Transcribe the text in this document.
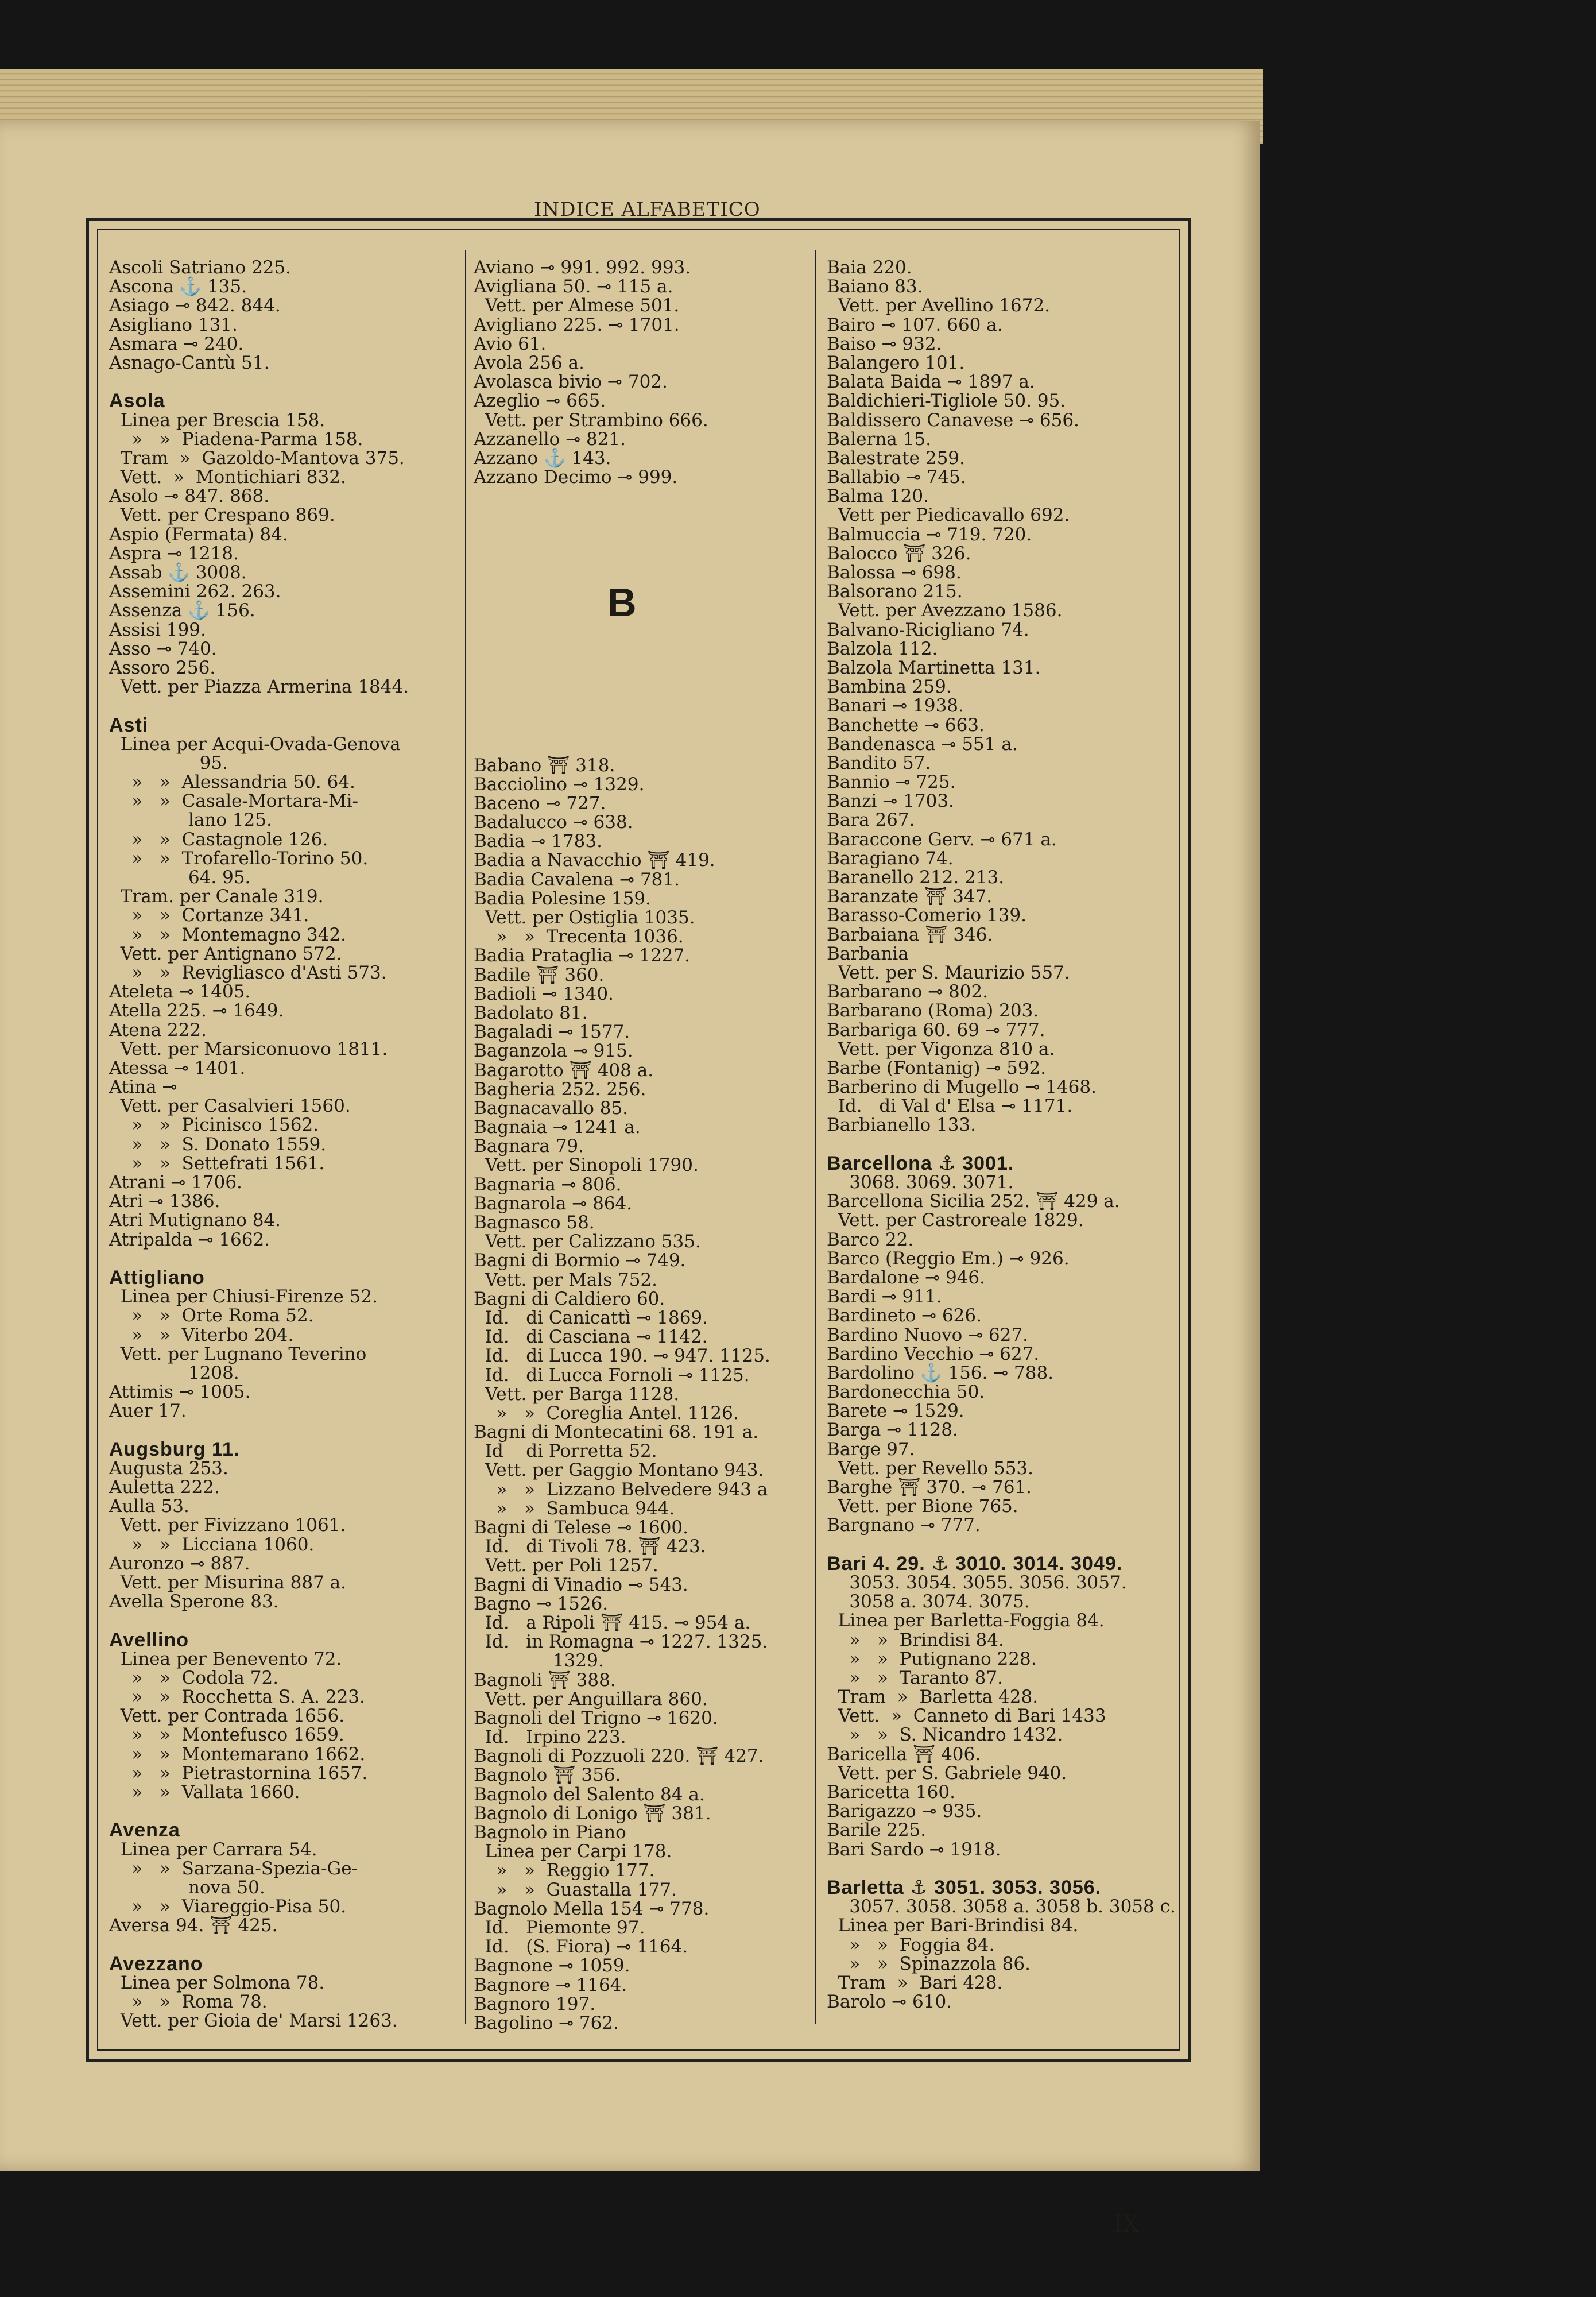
INDICE ALFABETICO
Ascoli Satriano 225.
Ascona ⚓ 135.
Asiago ⊸ 842. 844.
Asigliano 131.
Asmara ⊸ 240.
Asnago-Cantù 51.
Asola
Linea per Brescia 158.
»   »  Piadena-Parma 158.
Tram  »  Gazoldo-Mantova 375.
Vett.  »  Montichiari 832.
Asolo ⊸ 847. 868.
Vett. per Crespano 869.
Aspio (Fermata) 84.
Aspra ⊸ 1218.
Assab ⚓ 3008.
Assemini 262. 263.
Assenza ⚓ 156.
Assisi 199.
Asso ⊸ 740.
Assoro 256.
Vett. per Piazza Armerina 1844.
Asti
Linea per Acqui-Ovada-Genova
95.
»   »  Alessandria 50. 64.
»   »  Casale-Mortara-Mi-
lano 125.
»   »  Castagnole 126.
»   »  Trofarello-Torino 50.
64. 95.
Tram. per Canale 319.
»   »  Cortanze 341.
»   »  Montemagno 342.
Vett. per Antignano 572.
»   »  Revigliasco d'Asti 573.
Ateleta ⊸ 1405.
Atella 225. ⊸ 1649.
Atena 222.
Vett. per Marsiconuovo 1811.
Atessa ⊸ 1401.
Atina ⊸
Vett. per Casalvieri 1560.
»   »  Picinisco 1562.
»   »  S. Donato 1559.
»   »  Settefrati 1561.
Atrani ⊸ 1706.
Atri ⊸ 1386.
Atri Mutignano 84.
Atripalda ⊸ 1662.
Attigliano
Linea per Chiusi-Firenze 52.
»   »  Orte Roma 52.
»   »  Viterbo 204.
Vett. per Lugnano Teverino
1208.
Attimis ⊸ 1005.
Auer 17.
Augsburg 11.
Augusta 253.
Auletta 222.
Aulla 53.
Vett. per Fivizzano 1061.
»   »  Licciana 1060.
Auronzo ⊸ 887.
Vett. per Misurina 887 a.
Avella Sperone 83.
Avellino
Linea per Benevento 72.
»   »  Codola 72.
»   »  Rocchetta S. A. 223.
Vett. per Contrada 1656.
»   »  Montefusco 1659.
»   »  Montemarano 1662.
»   »  Pietrastornina 1657.
»   »  Vallata 1660.
Avenza
Linea per Carrara 54.
»   »  Sarzana-Spezia-Ge-
nova 50.
»   »  Viareggio-Pisa 50.
Aversa 94. ⛩ 425.
Avezzano
Linea per Solmona 78.
»   »  Roma 78.
Vett. per Gioia de' Marsi 1263.
Aviano ⊸ 991. 992. 993.
Avigliana 50. ⊸ 115 a.
Vett. per Almese 501.
Avigliano 225. ⊸ 1701.
Avio 61.
Avola 256 a.
Avolasca bivio ⊸ 702.
Azeglio ⊸ 665.
Vett. per Strambino 666.
Azzanello ⊸ 821.
Azzano ⚓ 143.
Azzano Decimo ⊸ 999.
B
Babano ⛩ 318.
Bacciolino ⊸ 1329.
Baceno ⊸ 727.
Badalucco ⊸ 638.
Badia ⊸ 1783.
Badia a Navacchio ⛩ 419.
Badia Cavalena ⊸ 781.
Badia Polesine 159.
Vett. per Ostiglia 1035.
»   »  Trecenta 1036.
Badia Prataglia ⊸ 1227.
Badile ⛩ 360.
Badioli ⊸ 1340.
Badolato 81.
Bagaladi ⊸ 1577.
Baganzola ⊸ 915.
Bagarotto ⛩ 408 a.
Bagheria 252. 256.
Bagnacavallo 85.
Bagnaia ⊸ 1241 a.
Bagnara 79.
Vett. per Sinopoli 1790.
Bagnaria ⊸ 806.
Bagnarola ⊸ 864.
Bagnasco 58.
Vett. per Calizzano 535.
Bagni di Bormio ⊸ 749.
Vett. per Mals 752.
Bagni di Caldiero 60.
Id.   di Canicattì ⊸ 1869.
Id.   di Casciana ⊸ 1142.
Id.   di Lucca 190. ⊸ 947. 1125.
Id.   di Lucca Fornoli ⊸ 1125.
Vett. per Barga 1128.
»   »  Coreglia Antel. 1126.
Bagni di Montecatini 68. 191 a.
Id    di Porretta 52.
Vett. per Gaggio Montano 943.
»   »  Lizzano Belvedere 943 a
»   »  Sambuca 944.
Bagni di Telese ⊸ 1600.
Id.   di Tivoli 78. ⛩ 423.
Vett. per Poli 1257.
Bagni di Vinadio ⊸ 543.
Bagno ⊸ 1526.
Id.   a Ripoli ⛩ 415. ⊸ 954 a.
Id.   in Romagna ⊸ 1227. 1325.
1329.
Bagnoli ⛩ 388.
Vett. per Anguillara 860.
Bagnoli del Trigno ⊸ 1620.
Id.   Irpino 223.
Bagnoli di Pozzuoli 220. ⛩ 427.
Bagnolo ⛩ 356.
Bagnolo del Salento 84 a.
Bagnolo di Lonigo ⛩ 381.
Bagnolo in Piano
Linea per Carpi 178.
»   »  Reggio 177.
»   »  Guastalla 177.
Bagnolo Mella 154 ⊸ 778.
Id.   Piemonte 97.
Id.   (S. Fiora) ⊸ 1164.
Bagnone ⊸ 1059.
Bagnore ⊸ 1164.
Bagnoro 197.
Bagolino ⊸ 762.
Baia 220.
Baiano 83.
Vett. per Avellino 1672.
Bairo ⊸ 107. 660 a.
Baiso ⊸ 932.
Balangero 101.
Balata Baida ⊸ 1897 a.
Baldichieri-Tigliole 50. 95.
Baldissero Canavese ⊸ 656.
Balerna 15.
Balestrate 259.
Ballabio ⊸ 745.
Balma 120.
Vett per Piedicavallo 692.
Balmuccia ⊸ 719. 720.
Balocco ⛩ 326.
Balossa ⊸ 698.
Balsorano 215.
Vett. per Avezzano 1586.
Balvano-Ricigliano 74.
Balzola 112.
Balzola Martinetta 131.
Bambina 259.
Banari ⊸ 1938.
Banchette ⊸ 663.
Bandenasca ⊸ 551 a.
Bandito 57.
Bannio ⊸ 725.
Banzi ⊸ 1703.
Bara 267.
Baraccone Gerv. ⊸ 671 a.
Baragiano 74.
Baranello 212. 213.
Baranzate ⛩ 347.
Barasso-Comerio 139.
Barbaiana ⛩ 346.
Barbania
Vett. per S. Maurizio 557.
Barbarano ⊸ 802.
Barbarano (Roma) 203.
Barbariga 60. 69 ⊸ 777.
Vett. per Vigonza 810 a.
Barbe (Fontanig) ⊸ 592.
Barberino di Mugello ⊸ 1468.
Id.   di Val d' Elsa ⊸ 1171.
Barbianello 133.
Barcellona ⚓ 3001.
3068. 3069. 3071.
Barcellona Sicilia 252. ⛩ 429 a.
Vett. per Castroreale 1829.
Barco 22.
Barco (Reggio Em.) ⊸ 926.
Bardalone ⊸ 946.
Bardi ⊸ 911.
Bardineto ⊸ 626.
Bardino Nuovo ⊸ 627.
Bardino Vecchio ⊸ 627.
Bardolino ⚓ 156. ⊸ 788.
Bardonecchia 50.
Barete ⊸ 1529.
Barga ⊸ 1128.
Barge 97.
Vett. per Revello 553.
Barghe ⛩ 370. ⊸ 761.
Vett. per Bione 765.
Bargnano ⊸ 777.
Bari 4. 29. ⚓ 3010. 3014. 3049.
3053. 3054. 3055. 3056. 3057.
3058 a. 3074. 3075.
Linea per Barletta-Foggia 84.
»   »  Brindisi 84.
»   »  Putignano 228.
»   »  Taranto 87.
Tram  »  Barletta 428.
Vett.  »  Canneto di Bari 1433
»   »  S. Nicandro 1432.
Baricella ⛩ 406.
Vett. per S. Gabriele 940.
Baricetta 160.
Barigazzo ⊸ 935.
Barile 225.
Bari Sardo ⊸ 1918.
Barletta ⚓ 3051. 3053. 3056.
3057. 3058. 3058 a. 3058 b. 3058 c.
Linea per Bari-Brindisi 84.
»   »  Foggia 84.
»   »  Spinazzola 86.
Tram  »  Bari 428.
Barolo ⊸ 610.
IX
